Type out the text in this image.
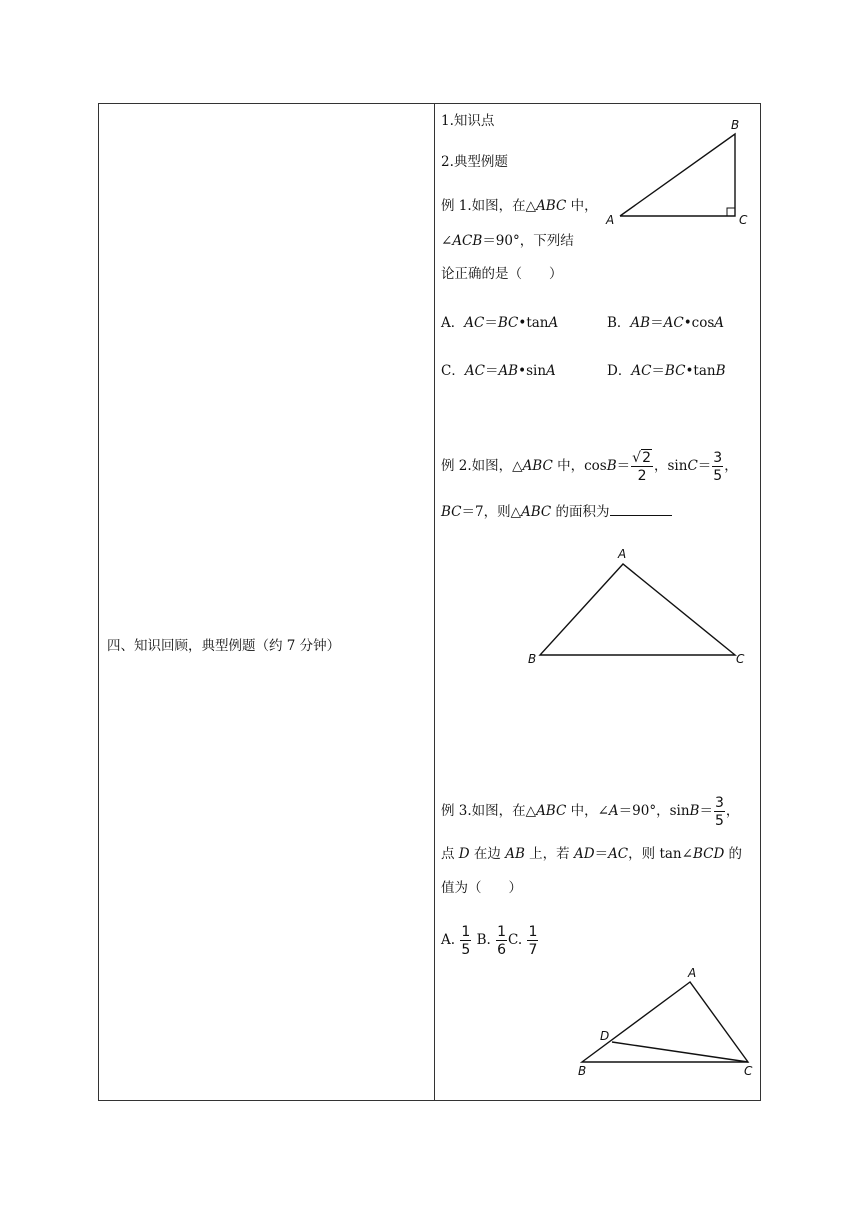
四、知识回顾，典型例题（约 7 分钟）
1.知识点
2.典型例题
例 1.如图，在△ABC 中，
∠ACB＝90°，下列结
论正确的是（　　）
A．AC＝BC•tanA	B．AB＝AC•cosA
C．AC＝AB•sinA	D．AC＝BC•tanB
A
B
C
例 2.如图，△ABC 中，$\cos B= \frac{√2}{2}$ ，$\sin C= \frac{3}{5}$ ，
BC＝7，则△ABC 的面积为
A
B	C
例 3.如图，在△ABC 中，∠A＝90°，$\sin B= \frac{3}{5}$ ，
点 D 在边 AB 上，若 AD＝AC，则 tan∠BCD 的
值为（　　）
A. $\frac{1}{5} B$. $\frac{1}{6} C$. $\frac{1}{7}$
A
D
B	C
